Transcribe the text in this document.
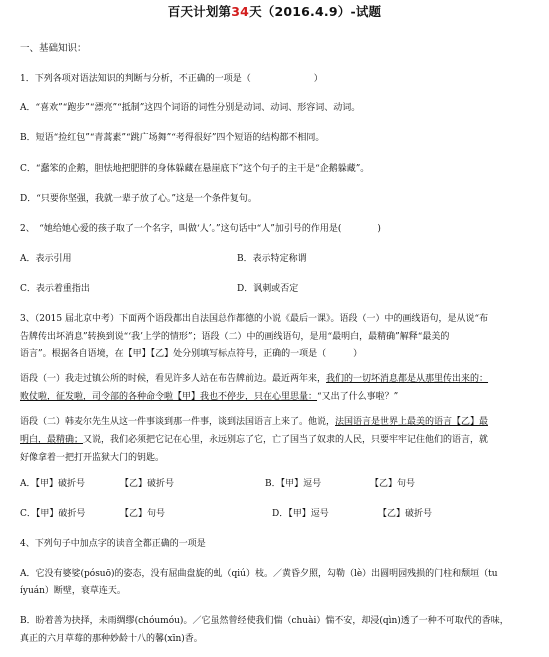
百天计划第34天（2016.4.9）-试题
一、基础知识：
1．下列各项对语法知识的判断与分析，不正确的一项是（　　　　　　　）
A．“喜欢”“跑步”“漂亮”“抵制”这四个词语的词性分别是动词、动词、形容词、动词。
B．短语“捡红包”“青蒿素”“跳广场舞”“考得很好”四个短语的结构都不相同。
C．“蠢笨的企鹅，胆怯地把肥胖的身体躲藏在悬崖底下”这个句子的主干是“企鹅躲藏”。
D．“只要你坚强，我就一辈子放了心。”这是一个条件复句。
2、　“她给她心爱的孩子取了一个名字，叫做‘人’。”这句话中“人”加引号的作用是(　　　　)
A．表示引用	B．表示特定称谓
C．表示着重指出	D．讽刺或否定
3、（2015 届北京中考）下面两个语段都出自法国总作都德的小说《最后一课》。语段（一）中的画线语句，是从说“布
告牌传出坏消息”转换到说“‘我’上学的情形”；语段（二）中的画线语句，是用“最明白，最精确”解释“最美的
语言”。根据各自语境，在【甲】【乙】处分别填写标点符号，正确的一项是（　　　）
语段（一）我走过镇公所的时候，看见许多人站在布告牌前边。最近两年来，我们的一切坏消息都是从那里传出来的：
败仗啦，征发啦，司令部的各种命令啦【甲】我也不停步，只在心里思量：“又出了什么事啦？”
语段（二）韩麦尔先生从这一件事谈到那一件事，谈到法国语言上来了。他说，法国语言是世界上最美的语言【乙】最
明白，最精确；又说，我们必须把它记在心里，永远别忘了它，亡了国当了奴隶的人民，只要牢牢记住他们的语言，就
好像拿着一把打开监狱大门的钥匙。
A．【甲】破折号	【乙】破折号	B．【甲】逗号	【乙】句号
C．【甲】破折号	【乙】句号	D．【甲】逗号	【乙】破折号
4、下列句子中加点字的读音全都正确的一项是
A．它没有婆娑(pósuō)的姿态，没有屈曲盘旋的虬（qiú）枝。／黄昏夕照，勾勒（lè）出圆明园残损的门柱和颓垣（tu
íyuán）断壁，衰草连天。
B．盼着善为抉择，未雨绸缪(chóumóu)。／它虽然曾经使我们惴（chuài）惴不安，却浸(qìn)透了一种不可取代的香味，
真正的六月草莓的那种妙龄十八的馨(xīn)香。
